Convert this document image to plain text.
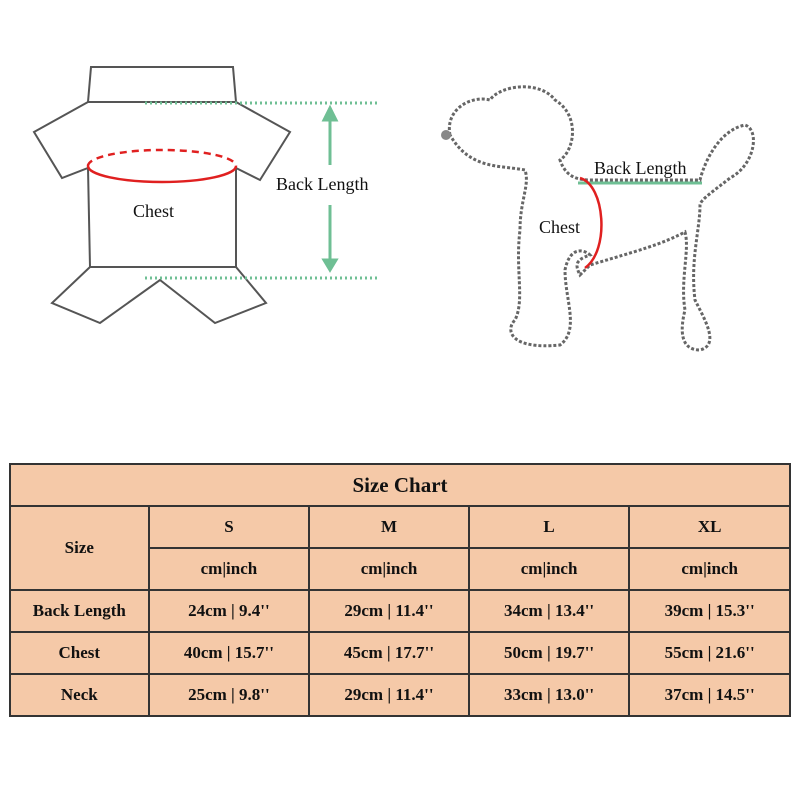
Chest
Back Length
Back Length
Chest
Size Chart				
Size	S	M	L	XL
	cm|inch	cm|inch	cm|inch	cm|inch
Back Length	24cm | 9.4''	29cm | 11.4''	34cm | 13.4''	39cm | 15.3''
Chest	40cm | 15.7''	45cm | 17.7''	50cm | 19.7''	55cm | 21.6''
Neck	25cm | 9.8''	29cm | 11.4''	33cm | 13.0''	37cm | 14.5''
